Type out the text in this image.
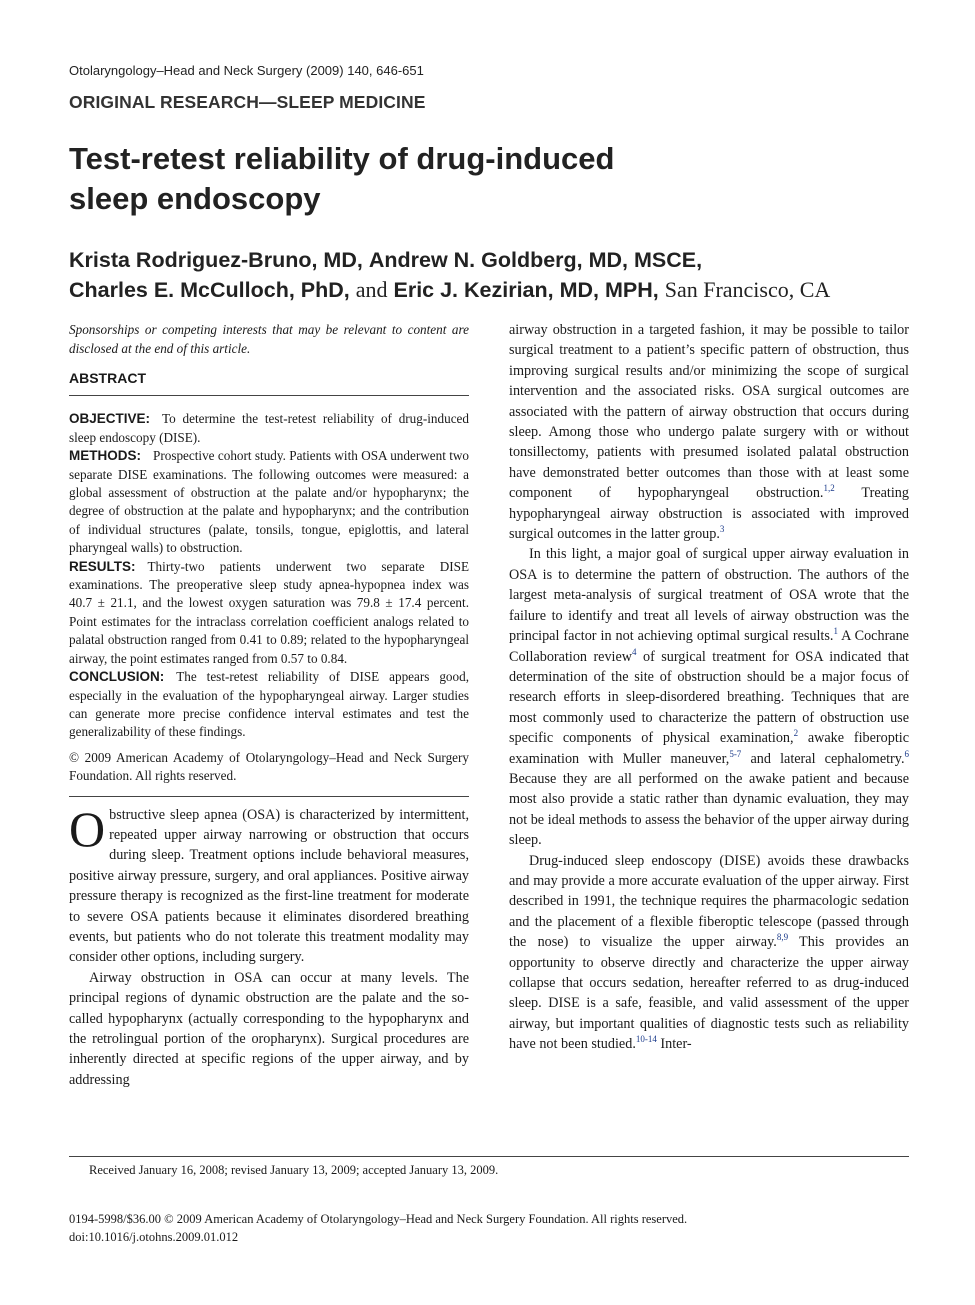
Otolaryngology–Head and Neck Surgery (2009) 140, 646-651
ORIGINAL RESEARCH—SLEEP MEDICINE
Test-retest reliability of drug-induced
sleep endoscopy
Krista Rodriguez-Bruno, MD, Andrew N. Goldberg, MD, MSCE,
Charles E. McCulloch, PhD, and Eric J. Kezirian, MD, MPH, San Francisco, CA

Sponsorships or competing interests that may be relevant to content are disclosed at the end of this article.

ABSTRACT

OBJECTIVE: To determine the test-retest reliability of drug-induced sleep endoscopy (DISE).

METHODS: Prospective cohort study. Patients with OSA underwent two separate DISE examinations. The following outcomes were measured: a global assessment of obstruction at the palate and/or hypopharynx; the degree of obstruction at the palate and hypopharynx; and the contribution of individual structures (palate, tonsils, tongue, epiglottis, and lateral pharyngeal walls) to obstruction.

RESULTS: Thirty-two patients underwent two separate DISE examinations. The preoperative sleep study apnea-hypopnea index was 40.7 ± 21.1, and the lowest oxygen saturation was 79.8 ± 17.4 percent. Point estimates for the intraclass correlation coefficient analogs related to palatal obstruction ranged from 0.41 to 0.89; related to the hypopharyngeal airway, the point estimates ranged from 0.57 to 0.84.

CONCLUSION: The test-retest reliability of DISE appears good, especially in the evaluation of the hypopharyngeal airway. Larger studies can generate more precise confidence interval estimates and test the generalizability of these findings.

© 2009 American Academy of Otolaryngology–Head and Neck Surgery Foundation. All rights reserved.

Obstructive sleep apnea (OSA) is characterized by intermittent, repeated upper airway narrowing or obstruction that occurs during sleep. Treatment options include behavioral measures, positive airway pressure, surgery, and oral appliances. Positive airway pressure therapy is recognized as the first-line treatment for moderate to severe OSA patients because it eliminates disordered breathing events, but patients who do not tolerate this treatment modality may consider other options, including surgery.

Airway obstruction in OSA can occur at many levels. The principal regions of dynamic obstruction are the palate and the so-called hypopharynx (actually corresponding to the hypopharynx and the retrolingual portion of the oropharynx). Surgical procedures are inherently directed at specific regions of the upper airway, and by addressing

airway obstruction in a targeted fashion, it may be possible to tailor surgical treatment to a patient’s specific pattern of obstruction, thus improving surgical results and/or minimizing the scope of surgical intervention and the associated risks. OSA surgical outcomes are associated with the pattern of airway obstruction that occurs during sleep. Among those who undergo palate surgery with or without tonsillectomy, patients with presumed isolated palatal obstruction have demonstrated better outcomes than those with at least some component of hypopharyngeal obstruction.$^{1,2}$ Treating hypopharyngeal airway obstruction is associated with improved surgical outcomes in the latter group.$^3$

In this light, a major goal of surgical upper airway evaluation in OSA is to determine the pattern of obstruction. The authors of the largest meta-analysis of surgical treatment of OSA wrote that the failure to identify and treat all levels of airway obstruction was the principal factor in not achieving optimal surgical results.$^1$ A Cochrane Collaboration review$^4$ of surgical treatment for OSA indicated that determination of the site of obstruction should be a major focus of research efforts in sleep-disordered breathing. Techniques that are most commonly used to characterize the pattern of obstruction use specific components of physical examination,$^2$ awake fiberoptic examination with Muller maneuver,$^{5-7}$ and lateral cephalometry.$^6$ Because they are all performed on the awake patient and because most also provide a static rather than dynamic evaluation, they may not be ideal methods to assess the behavior of the upper airway during sleep.

Drug-induced sleep endoscopy (DISE) avoids these drawbacks and may provide a more accurate evaluation of the upper airway. First described in 1991, the technique requires the pharmacologic sedation and the placement of a flexible fiberoptic telescope (passed through the nose) to visualize the upper airway.$^{8,9}$ This provides an opportunity to observe directly and characterize the upper airway collapse that occurs sedation, hereafter referred to as drug-induced sleep. DISE is a safe, feasible, and valid assessment of the upper airway, but important qualities of diagnostic tests such as reliability have not been studied.$^{10-14}$ Inter-

Received January 16, 2008; revised January 13, 2009; accepted January 13, 2009.
0194-5998/$36.00 © 2009 American Academy of Otolaryngology–Head and Neck Surgery Foundation. All rights reserved.
doi:10.1016/j.otohns.2009.01.012
